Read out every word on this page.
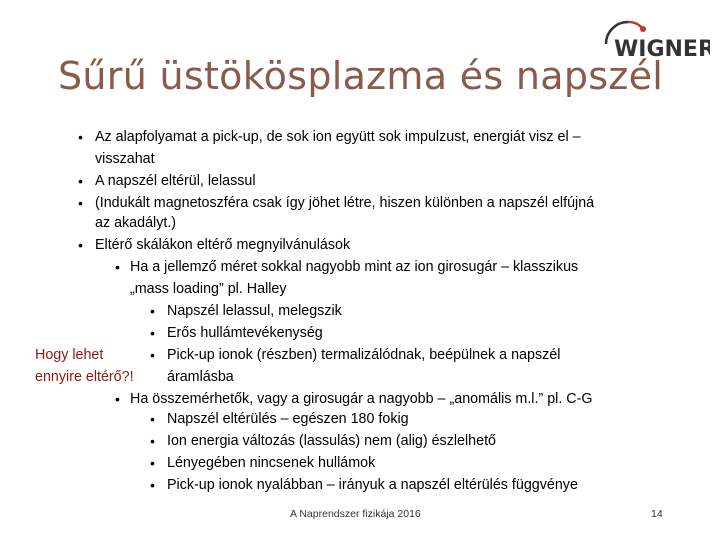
Sűrű üstökösplazma és napszél
WIGNER
•
•
•
•
•
•
•
•
•
•
•
•
•
Az alapfolyamat a pick-up, de sok ion együtt sok impulzust, energiát visz el –
visszahat
A napszél eltérül, lelassul
(Indukált magnetoszféra csak így jöhet létre, hiszen különben a napszél elfújná
az akadályt.)
Eltérő skálákon eltérő megnyilvánulások
Ha a jellemző méret sokkal nagyobb mint az ion girosugár – klasszikus
„mass loading” pl. Halley
Napszél lelassul, melegszik
Erős hullámtevékenység
Pick-up ionok (részben) termalizálódnak, beépülnek a napszél
áramlásba
Ha összemérhetők, vagy a girosugár a nagyobb – „anomális m.l.” pl. C-G
Napszél eltérülés – egészen 180 fokig
Ion energia változás (lassulás) nem (alig) észlelhető
Lényegében nincsenek hullámok
Pick-up ionok nyalábban – irányuk a napszél eltérülés függvénye
Hogy lehet
ennyire eltérő?!
A Naprendszer fizikája 2016	14
